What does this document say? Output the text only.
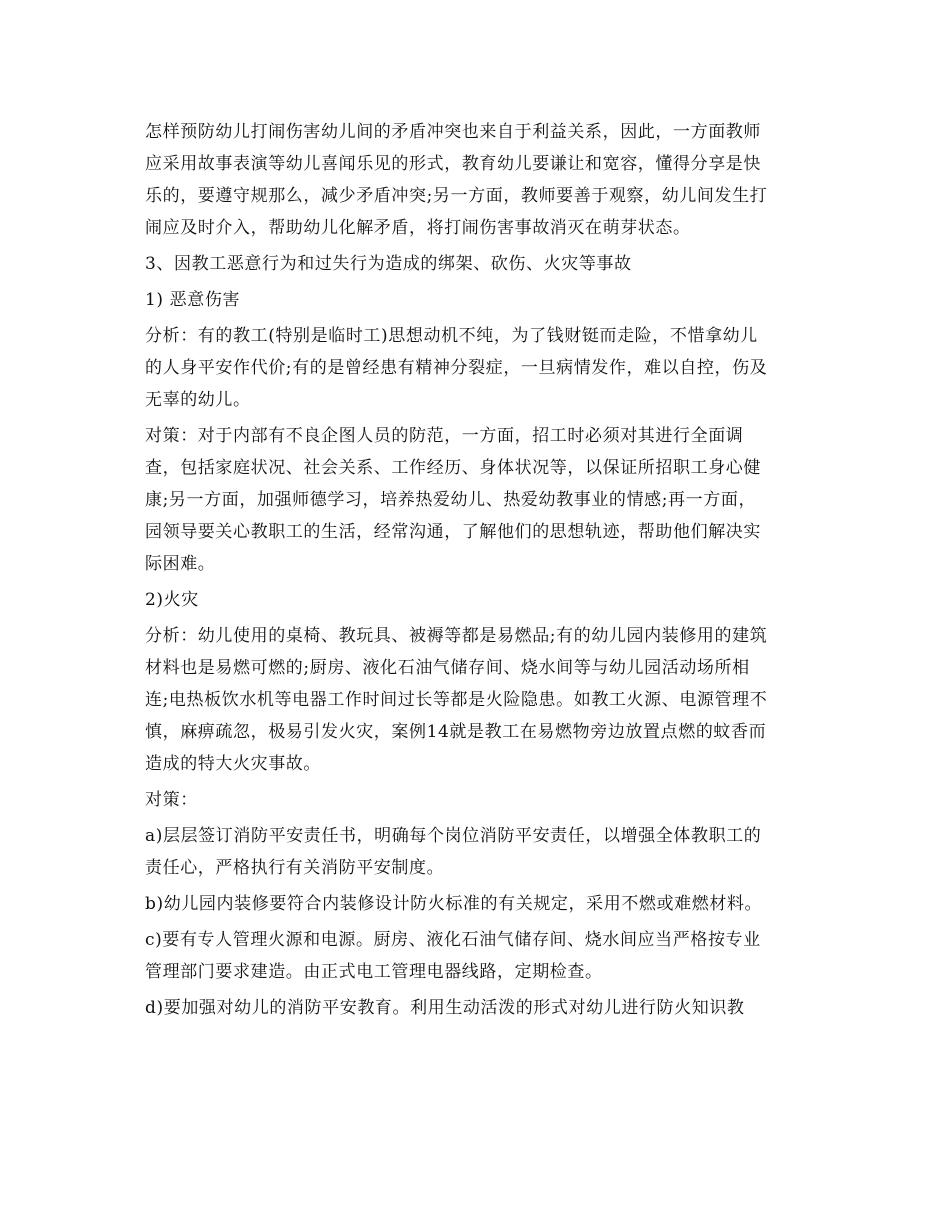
怎样预防幼儿打闹伤害幼儿间的矛盾冲突也来自于利益关系，因此，一方面教师
应采用故事表演等幼儿喜闻乐见的形式，教育幼儿要谦让和宽容，懂得分享是快
乐的，要遵守规那么，减少矛盾冲突;另一方面，教师要善于观察，幼儿间发生打
闹应及时介入，帮助幼儿化解矛盾，将打闹伤害事故消灭在萌芽状态。
3、因教工恶意行为和过失行为造成的绑架、砍伤、火灾等事故
1) 恶意伤害
分析：有的教工(特别是临时工)思想动机不纯，为了钱财铤而走险，不惜拿幼儿
的人身平安作代价;有的是曾经患有精神分裂症，一旦病情发作，难以自控，伤及
无辜的幼儿。
对策：对于内部有不良企图人员的防范，一方面，招工时必须对其进行全面调
查，包括家庭状况、社会关系、工作经历、身体状况等，以保证所招职工身心健
康;另一方面，加强师德学习，培养热爱幼儿、热爱幼教事业的情感;再一方面，
园领导要关心教职工的生活，经常沟通，了解他们的思想轨迹，帮助他们解决实
际困难。
2)火灾
分析：幼儿使用的桌椅、教玩具、被褥等都是易燃品;有的幼儿园内装修用的建筑
材料也是易燃可燃的;厨房、液化石油气储存间、烧水间等与幼儿园活动场所相
连;电热板饮水机等电器工作时间过长等都是火险隐患。如教工火源、电源管理不
慎，麻痹疏忽，极易引发火灾，案例14就是教工在易燃物旁边放置点燃的蚊香而
造成的特大火灾事故。
对策：
a)层层签订消防平安责任书，明确每个岗位消防平安责任，以增强全体教职工的
责任心，严格执行有关消防平安制度。
b)幼儿园内装修要符合内装修设计防火标准的有关规定，采用不燃或难燃材料。
c)要有专人管理火源和电源。厨房、液化石油气储存间、烧水间应当严格按专业
管理部门要求建造。由正式电工管理电器线路，定期检查。
d)要加强对幼儿的消防平安教育。利用生动活泼的形式对幼儿进行防火知识教
